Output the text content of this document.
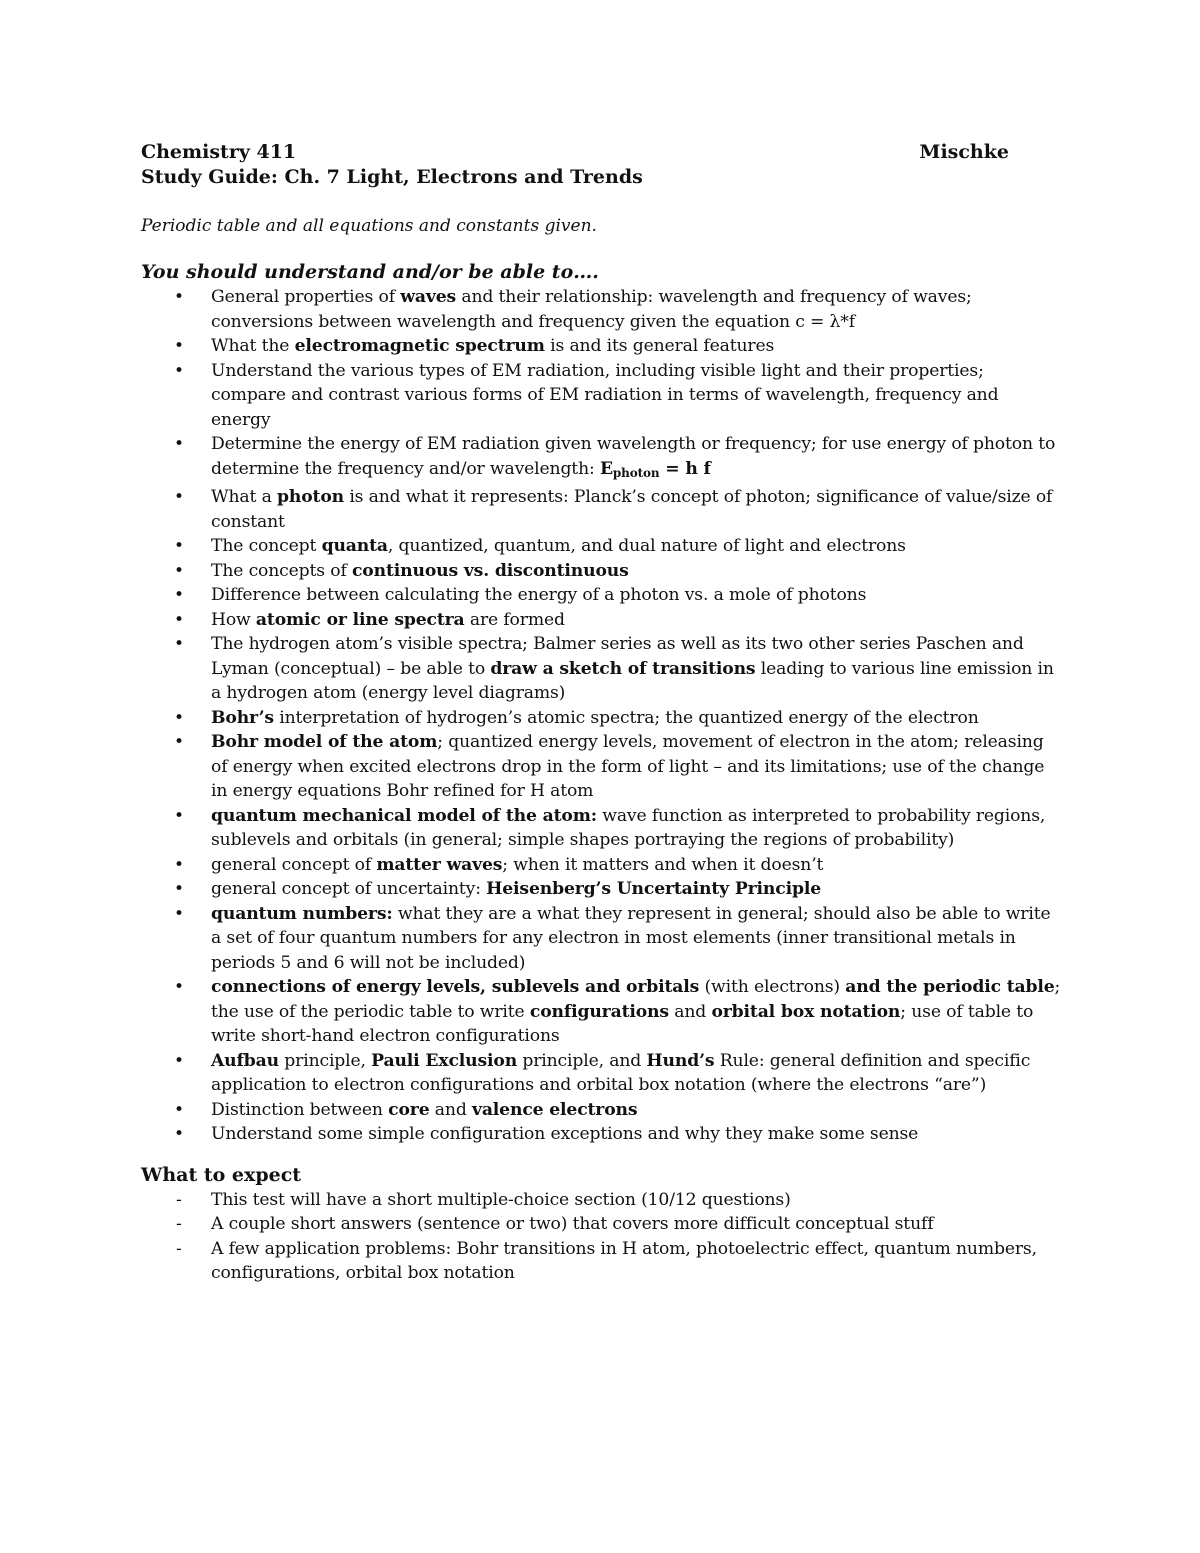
Chemistry 411	Mischke
Study Guide: Ch. 7 Light, Electrons and Trends
Periodic table and all equations and constants given.
You should understand and/or be able to….
• General properties of waves and their relationship: wavelength and frequency of waves; conversions between wavelength and frequency given the equation c = λ*f
• What the electromagnetic spectrum is and its general features
• Understand the various types of EM radiation, including visible light and their properties; compare and contrast various forms of EM radiation in terms of wavelength, frequency and energy
• Determine the energy of EM radiation given wavelength or frequency; for use energy of photon to determine the frequency and/or wavelength: Ephoton = h f
• What a photon is and what it represents: Planck’s concept of photon; significance of value/size of constant
• The concept quanta, quantized, quantum, and dual nature of light and electrons
• The concepts of continuous vs. discontinuous
• Difference between calculating the energy of a photon vs. a mole of photons
• How atomic or line spectra are formed
• The hydrogen atom’s visible spectra; Balmer series as well as its two other series Paschen and Lyman (conceptual) – be able to draw a sketch of transitions leading to various line emission in a hydrogen atom (energy level diagrams)
• Bohr’s interpretation of hydrogen’s atomic spectra; the quantized energy of the electron
• Bohr model of the atom; quantized energy levels, movement of electron in the atom; releasing of energy when excited electrons drop in the form of light – and its limitations; use of the change in energy equations Bohr refined for H atom
• quantum mechanical model of the atom: wave function as interpreted to probability regions, sublevels and orbitals (in general; simple shapes portraying the regions of probability)
• general concept of matter waves; when it matters and when it doesn’t
• general concept of uncertainty: Heisenberg’s Uncertainty Principle
• quantum numbers: what they are a what they represent in general; should also be able to write a set of four quantum numbers for any electron in most elements (inner transitional metals in periods 5 and 6 will not be included)
• connections of energy levels, sublevels and orbitals (with electrons) and the periodic table; the use of the periodic table to write configurations and orbital box notation; use of table to write short-hand electron configurations
• Aufbau principle, Pauli Exclusion principle, and Hund’s Rule: general definition and specific application to electron configurations and orbital box notation (where the electrons “are”)
• Distinction between core and valence electrons
• Understand some simple configuration exceptions and why they make some sense
What to expect
- This test will have a short multiple-choice section (10/12 questions)
- A couple short answers (sentence or two) that covers more difficult conceptual stuff
- A few application problems: Bohr transitions in H atom, photoelectric effect, quantum numbers, configurations, orbital box notation
